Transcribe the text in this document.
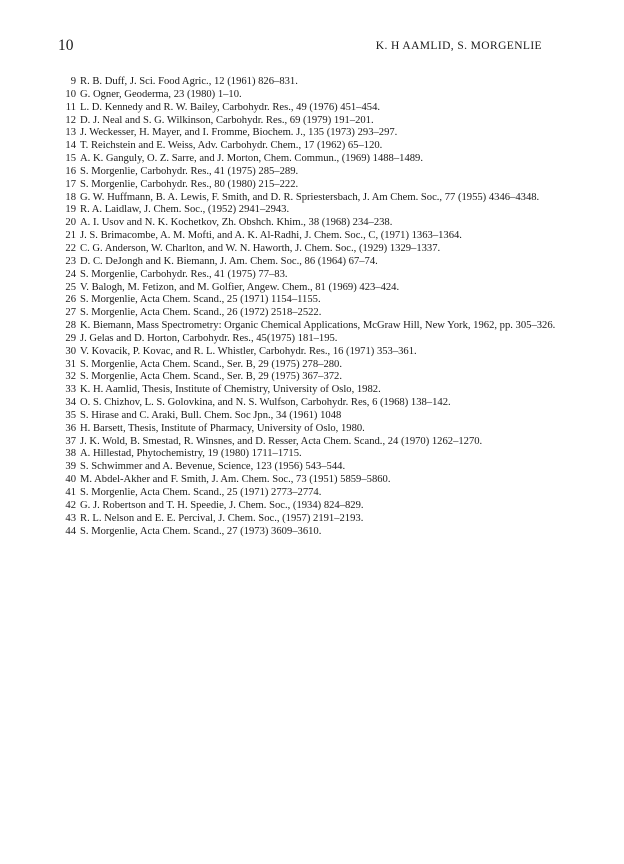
10	K. H AAMLID, S. MORGENLIE
9 R. B. Duff, J. Sci. Food Agric., 12 (1961) 826–831.
10 G. Ogner, Geoderma, 23 (1980) 1–10.
11 L. D. Kennedy and R. W. Bailey, Carbohydr. Res., 49 (1976) 451–454.
12 D. J. Neal and S. G. Wilkinson, Carbohydr. Res., 69 (1979) 191–201.
13 J. Weckesser, H. Mayer, and I. Fromme, Biochem. J., 135 (1973) 293–297.
14 T. Reichstein and E. Weiss, Adv. Carbohydr. Chem., 17 (1962) 65–120.
15 A. K. Ganguly, O. Z. Sarre, and J. Morton, Chem. Commun., (1969) 1488–1489.
16 S. Morgenlie, Carbohydr. Res., 41 (1975) 285–289.
17 S. Morgenlie, Carbohydr. Res., 80 (1980) 215–222.
18 G. W. Huffmann, B. A. Lewis, F. Smith, and D. R. Spriestersbach, J. Am Chem. Soc., 77 (1955) 4346–4348.
19 R. A. Laidlaw, J. Chem. Soc., (1952) 2941–2943.
20 A. I. Usov and N. K. Kochetkov, Zh. Obshch. Khim., 38 (1968) 234–238.
21 J. S. Brimacombe, A. M. Mofti, and A. K. Al-Radhi, J. Chem. Soc., C, (1971) 1363–1364.
22 C. G. Anderson, W. Charlton, and W. N. Haworth, J. Chem. Soc., (1929) 1329–1337.
23 D. C. DeJongh and K. Biemann, J. Am. Chem. Soc., 86 (1964) 67–74.
24 S. Morgenlie, Carbohydr. Res., 41 (1975) 77–83.
25 V. Balogh, M. Fetizon, and M. Golfier, Angew. Chem., 81 (1969) 423–424.
26 S. Morgenlie, Acta Chem. Scand., 25 (1971) 1154–1155.
27 S. Morgenlie, Acta Chem. Scand., 26 (1972) 2518–2522.
28 K. Biemann, Mass Spectrometry: Organic Chemical Applications, McGraw Hill, New York, 1962, pp. 305–326.
29 J. Gelas and D. Horton, Carbohydr. Res., 45(1975) 181–195.
30 V. Kovacik, P. Kovac, and R. L. Whistler, Carbohydr. Res., 16 (1971) 353–361.
31 S. Morgenlie, Acta Chem. Scand., Ser. B, 29 (1975) 278–280.
32 S. Morgenlie, Acta Chem. Scand., Ser. B, 29 (1975) 367–372.
33 K. H. Aamlid, Thesis, Institute of Chemistry, University of Oslo, 1982.
34 O. S. Chizhov, L. S. Golovkina, and N. S. Wulfson, Carbohydr. Res, 6 (1968) 138–142.
35 S. Hirase and C. Araki, Bull. Chem. Soc Jpn., 34 (1961) 1048
36 H. Barsett, Thesis, Institute of Pharmacy, University of Oslo, 1980.
37 J. K. Wold, B. Smestad, R. Winsnes, and D. Resser, Acta Chem. Scand., 24 (1970) 1262–1270.
38 A. Hillestad, Phytochemistry, 19 (1980) 1711–1715.
39 S. Schwimmer and A. Bevenue, Science, 123 (1956) 543–544.
40 M. Abdel-Akher and F. Smith, J. Am. Chem. Soc., 73 (1951) 5859–5860.
41 S. Morgenlie, Acta Chem. Scand., 25 (1971) 2773–2774.
42 G. J. Robertson and T. H. Speedie, J. Chem. Soc., (1934) 824–829.
43 R. L. Nelson and E. E. Percival, J. Chem. Soc., (1957) 2191–2193.
44 S. Morgenlie, Acta Chem. Scand., 27 (1973) 3609–3610.
